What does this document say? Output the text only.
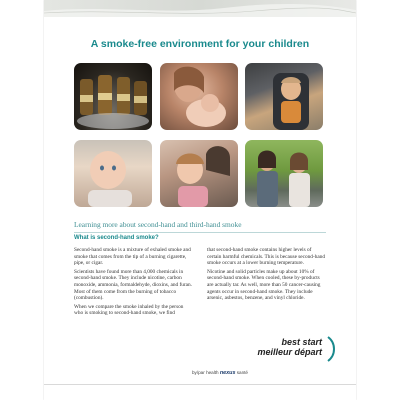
A smoke-free environment for your children
Learning more about second-hand and third-hand smoke
What is second-hand smoke?

Second-hand smoke is a mixture of exhaled smoke and smoke that comes from the tip of a burning cigarette, pipe, or cigar.

Scientists have found more than 4,000 chemicals in second-hand smoke. They include nicotine, carbon monoxide, ammonia, formaldehyde, dioxins, and furan. Most of them come from the burning of tobacco (combustion).

When we compare the smoke inhaled by the person who is smoking to second-hand smoke, we find

that second-hand smoke contains higher levels of certain harmful chemicals. This is because second-hand smoke occurs at a lower burning temperature.

Nicotine and solid particles make up about 10% of second-hand smoke. When cooled, these by-products are actually tar. As well, more than 50 cancer-causing agents occur in second-hand smoke. They include arsenic, asbestos, benzene, and vinyl chloride.

best start
meilleur départ
by/par health nexus santé
